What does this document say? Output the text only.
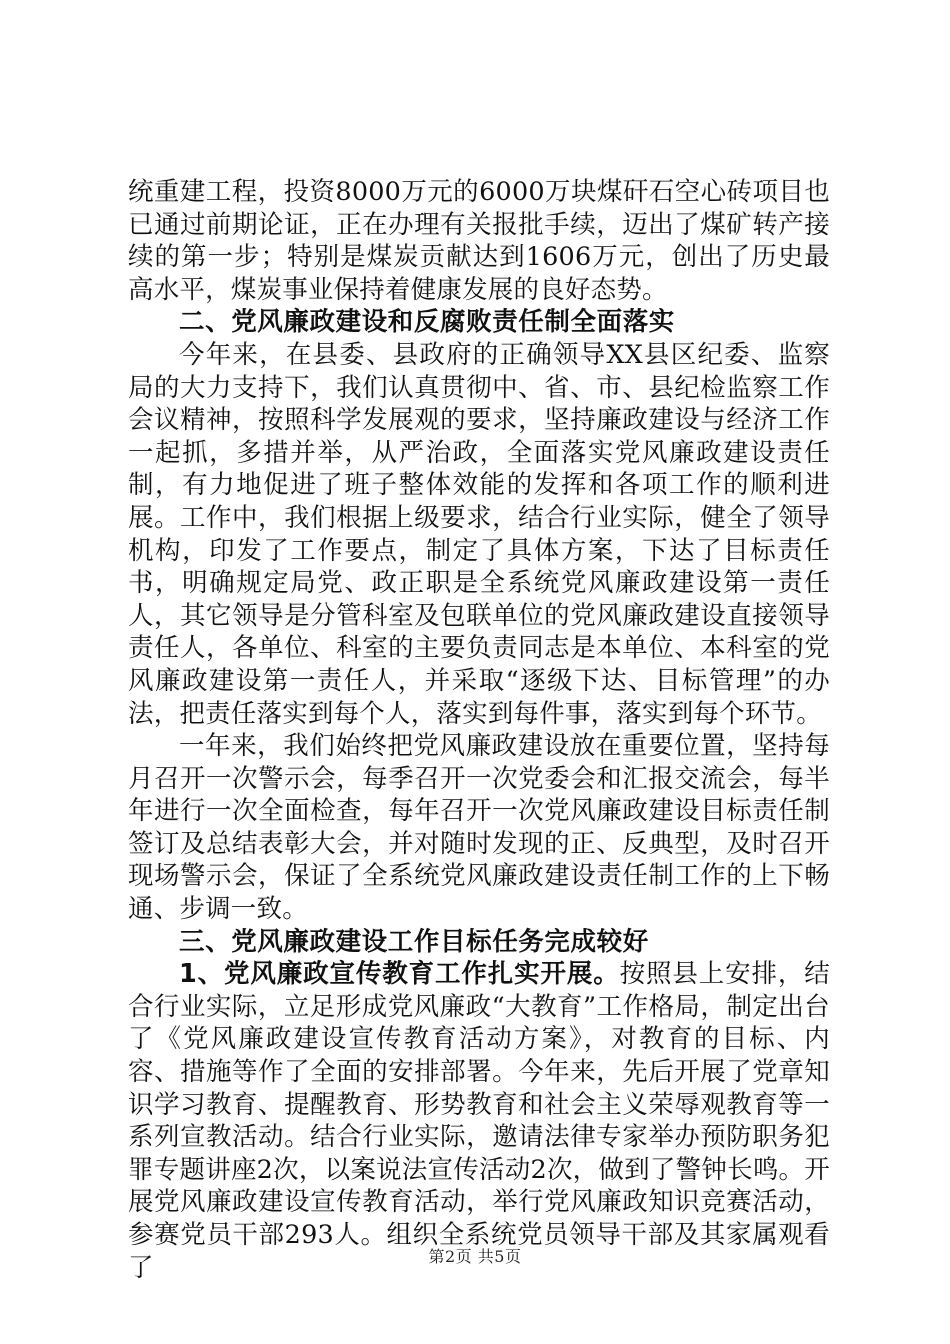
统重建工程，投资8000万元的6000万块煤矸石空心砖项目也已通过前期论证，正在办理有关报批手续，迈出了煤矿转产接续的第一步；特别是煤炭贡献达到1606万元，创出了历史最高水平，煤炭事业保持着健康发展的良好态势。

二、党风廉政建设和反腐败责任制全面落实

今年来，在县委、县政府的正确领导XX县区纪委、监察局的大力支持下，我们认真贯彻中、省、市、县纪检监察工作会议精神，按照科学发展观的要求，坚持廉政建设与经济工作一起抓，多措并举，从严治政，全面落实党风廉政建设责任制，有力地促进了班子整体效能的发挥和各项工作的顺利进展。工作中，我们根据上级要求，结合行业实际，健全了领导机构，印发了工作要点，制定了具体方案，下达了目标责任书，明确规定局党、政正职是全系统党风廉政建设第一责任人，其它领导是分管科室及包联单位的党风廉政建设直接领导责任人，各单位、科室的主要负责同志是本单位、本科室的党风廉政建设第一责任人，并采取“逐级下达、目标管理”的办法，把责任落实到每个人，落实到每件事，落实到每个环节。

一年来，我们始终把党风廉政建设放在重要位置，坚持每月召开一次警示会，每季召开一次党委会和汇报交流会，每半年进行一次全面检查，每年召开一次党风廉政建设目标责任制签订及总结表彰大会，并对随时发现的正、反典型，及时召开现场警示会，保证了全系统党风廉政建设责任制工作的上下畅通、步调一致。

三、党风廉政建设工作目标任务完成较好

1、党风廉政宣传教育工作扎实开展。按照县上安排，结合行业实际，立足形成党风廉政“大教育”工作格局，制定出台了《党风廉政建设宣传教育活动方案》，对教育的目标、内容、措施等作了全面的安排部署。今年来，先后开展了党章知识学习教育、提醒教育、形势教育和社会主义荣辱观教育等一系列宣教活动。结合行业实际，邀请法律专家举办预防职务犯罪专题讲座2次，以案说法宣传活动2次，做到了警钟长鸣。开展党风廉政建设宣传教育活动，举行党风廉政知识竞赛活动，参赛党员干部293人。组织全系统党员领导干部及其家属观看了	第2页 共5页
